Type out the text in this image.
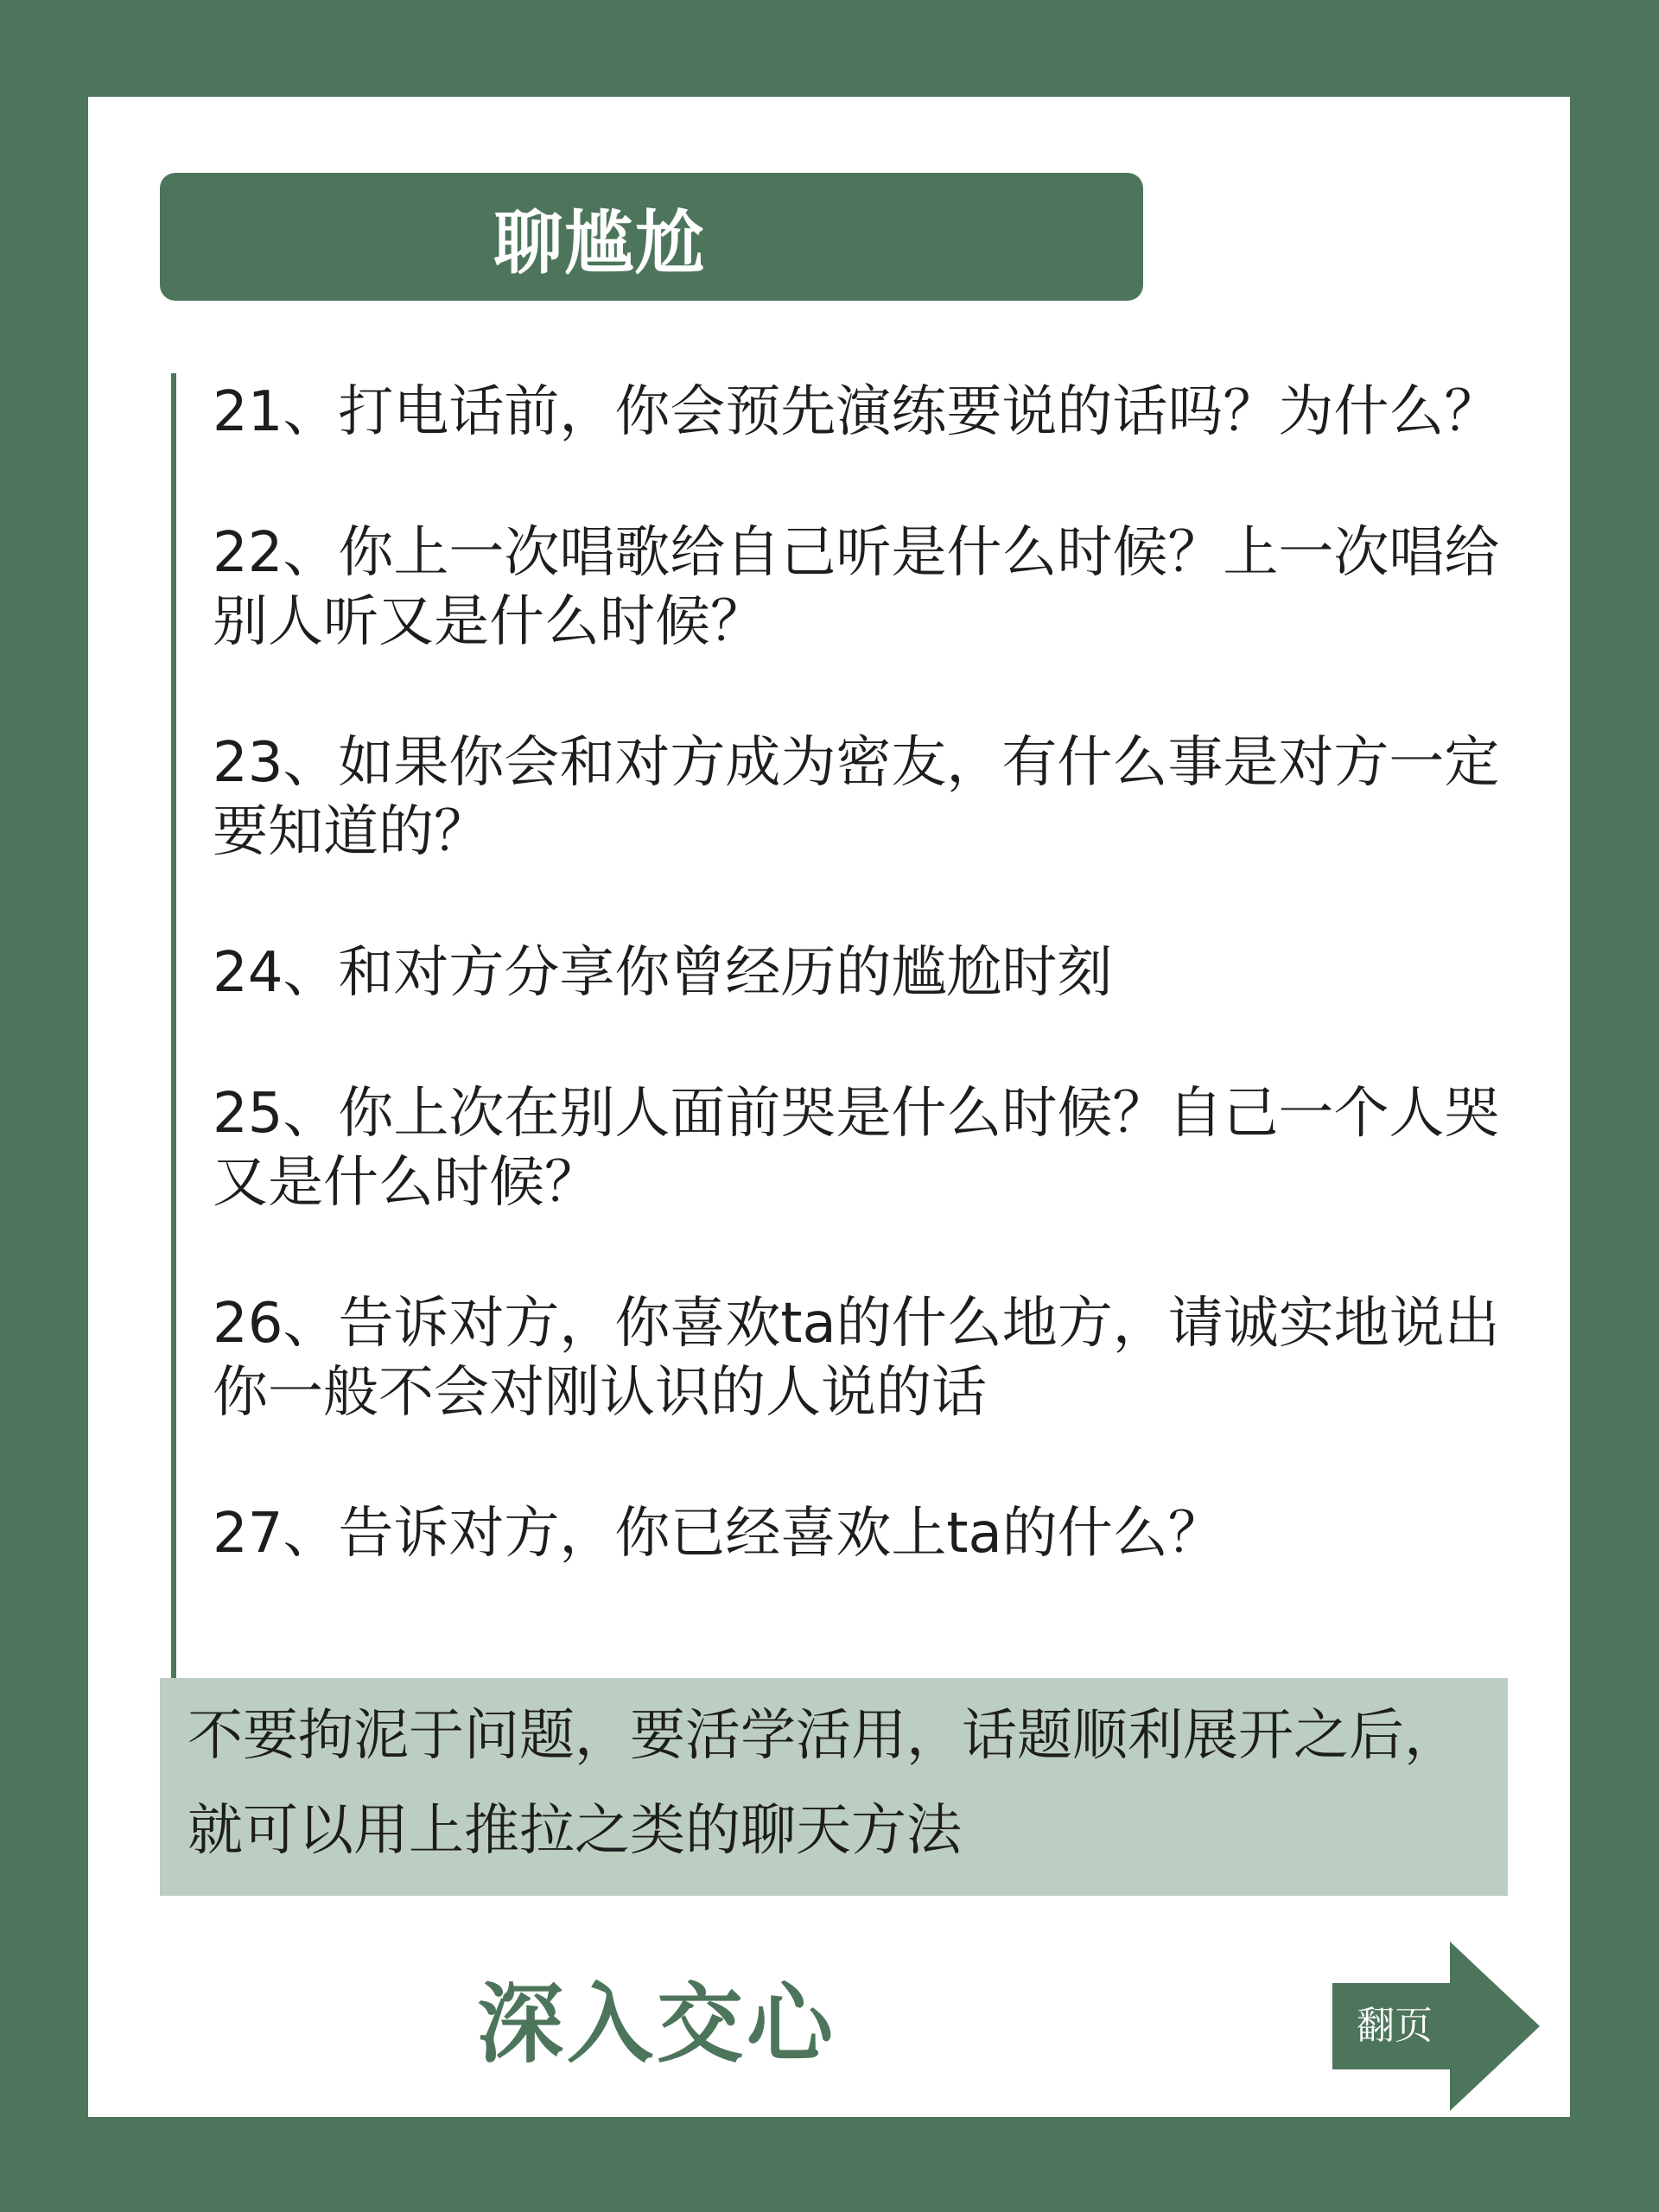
聊尴尬
21、打电话前，你会预先演练要说的话吗？为什么？
22、你上一次唱歌给自己听是什么时候？上一次唱给别人听又是什么时候？
23、如果你会和对方成为密友，有什么事是对方一定要知道的？
24、和对方分享你曾经历的尴尬时刻
25、你上次在别人面前哭是什么时候？自己一个人哭又是什么时候？
26、告诉对方，你喜欢ta的什么地方，请诚实地说出你一般不会对刚认识的人说的话
27、告诉对方，你已经喜欢上ta的什么？
不要拘泥于问题，要活学活用，话题顺利展开之后，
就可以用上推拉之类的聊天方法
深入交心	翻页
